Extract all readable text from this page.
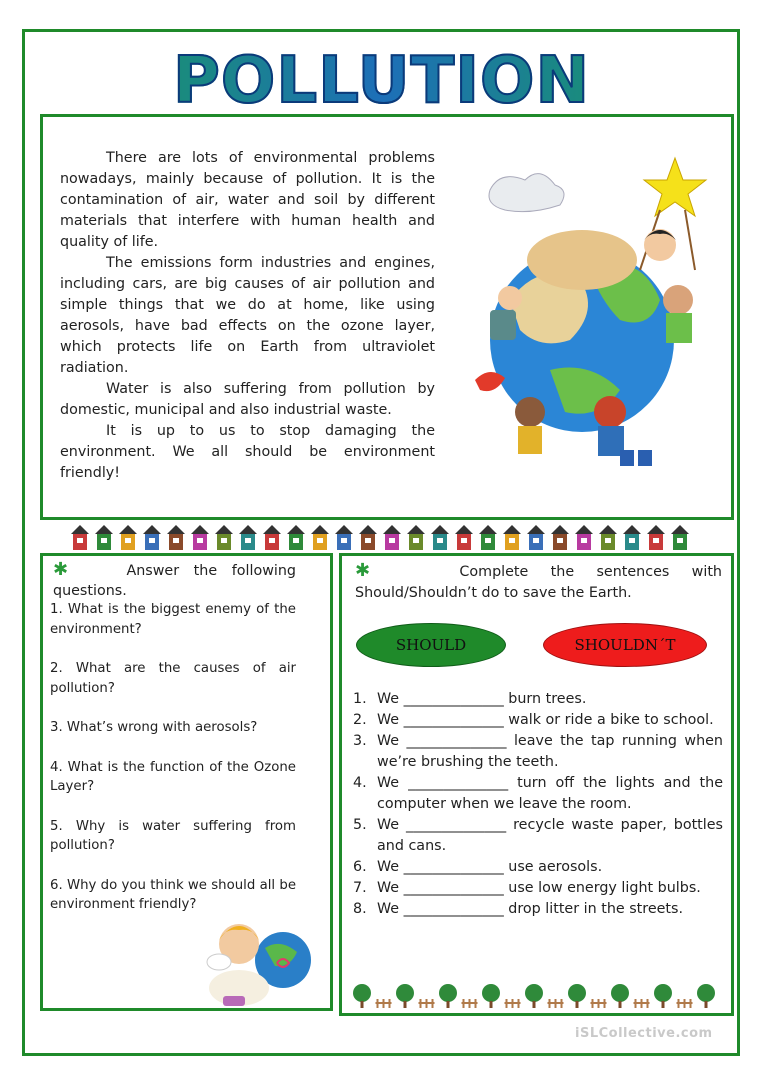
POLLUTION

There are lots of environmental problems nowadays, mainly because of pollution. It is the contamination of air, water and soil by different materials that interfere with human health and quality of life.

The emissions form industries and engines, including cars, are big causes of air pollution and simple things that we do at home, like using aerosols, have bad effects on the ozone layer, which protects life on Earth from ultraviolet radiation.

Water is also suffering from pollution by domestic, municipal and also industrial waste.

It is up to us to stop damaging the environment. We all should be environment friendly!

✱	Answer the following questions.
1. What is the biggest enemy of the environment?
2. What are the causes of air pollution?
3. What’s wrong with aerosols?
4. What is the function of the Ozone Layer?
5. Why is water suffering from pollution?
6. Why do you think we should all be environment friendly?
✱	Complete the sentences with Should/Shouldn’t do to save the Earth.
SHOULD	SHOULDN´T
1. We ______________ burn trees.
2. We ______________ walk or ride a bike to school.
3. We ______________ leave the tap running when we’re brushing the teeth.
4. We ______________ turn off the lights and the computer when we leave the room.
5. We ______________ recycle waste paper, bottles and cans.
6. We ______________ use aerosols.
7. We ______________ use low energy light bulbs.
8. We ______________ drop litter in the streets.
iSLCollective.com
